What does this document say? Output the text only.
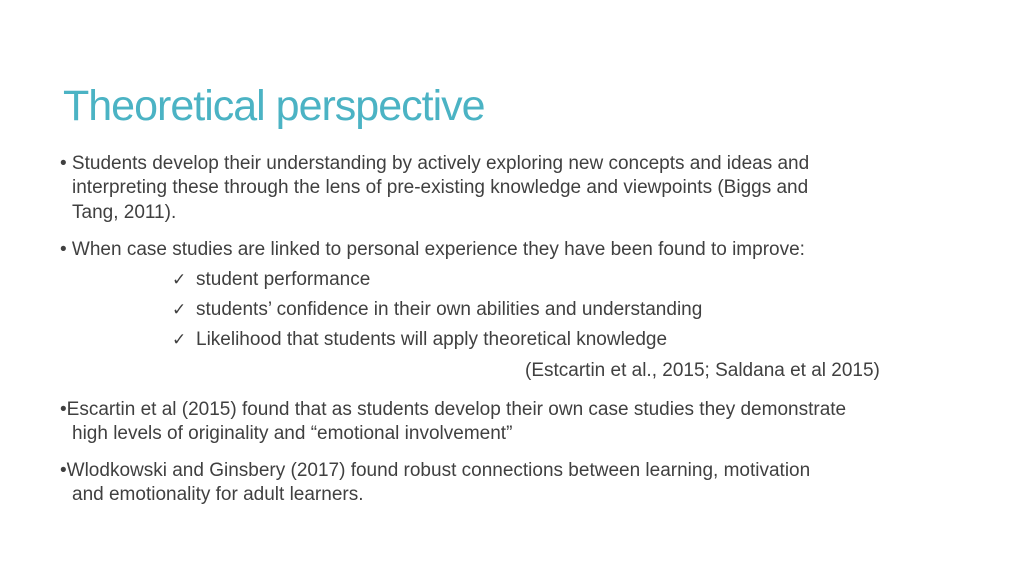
Theoretical perspective
• Students develop their understanding by actively exploring new concepts and ideas and
interpreting these through the lens of pre-existing knowledge and viewpoints (Biggs and
Tang, 2011).
• When case studies are linked to personal experience they have been found to improve:
✓ student performance
✓ students’ confidence in their own abilities and understanding
✓ Likelihood that students will apply theoretical knowledge
(Estcartin et al., 2015; Saldana et al 2015)
•Escartin et al (2015) found that as students develop their own case studies they demonstrate
high levels of originality and “emotional involvement”
•Wlodkowski and Ginsbery (2017) found robust connections between learning, motivation
and emotionality for adult learners.
